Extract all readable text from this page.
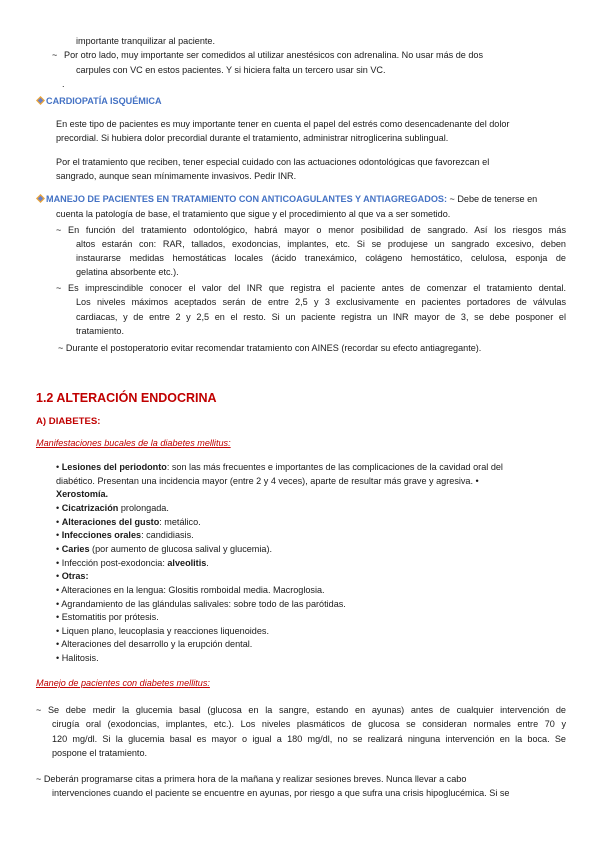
importante tranquilizar al paciente.
~ Por otro lado, muy importante ser comedidos al utilizar anestésicos con adrenalina. No usar más de dos
carpules con VC en estos pacientes. Y si hiciera falta un tercero usar sin VC.
.
CARDIOPATÍA ISQUÉMICA
En este tipo de pacientes es muy importante tener en cuenta el papel del estrés como desencadenante del dolor
precordial. Si hubiera dolor precordial durante el tratamiento, administrar nitroglicerina sublingual.
Por el tratamiento que reciben, tener especial cuidado con las actuaciones odontológicas que favorezcan el
sangrado, aunque sean mínimamente invasivos. Pedir INR.
MANEJO DE PACIENTES EN TRATAMIENTO CON ANTICOAGULANTES Y ANTIAGREGADOS: ~ Debe de tenerse en
cuenta la patología de base, el tratamiento que sigue y el procedimiento al que va a ser sometido.
~ En función del tratamiento odontológico, habrá mayor o menor posibilidad de sangrado. Así los riesgos más
altos estarán con: RAR, tallados, exodoncias, implantes, etc. Si se produjese un sangrado excesivo, deben
instaurarse medidas hemostáticas locales (ácido tranexámico, colágeno hemostático, celulosa, esponja de
gelatina absorbente etc.).
~ Es imprescindible conocer el valor del INR que registra el paciente antes de comenzar el tratamiento dental.
Los niveles máximos aceptados serán de entre 2,5 y 3 exclusivamente en pacientes portadores de válvulas
cardiacas, y de entre 2 y 2,5 en el resto. Si un paciente registra un INR mayor de 3, se debe posponer el
tratamiento.
~ Durante el postoperatorio evitar recomendar tratamiento con AINES (recordar su efecto antiagregante).
1.2 ALTERACIÓN ENDOCRINA
A) DIABETES:
Manifestaciones bucales de la diabetes mellitus:
• Lesiones del periodonto: son las más frecuentes e importantes de las complicaciones de la cavidad oral del
diabético. Presentan una incidencia mayor (entre 2 y 4 veces), aparte de resultar más grave y agresiva. •
Xerostomía.
• Cicatrización prolongada.
• Alteraciones del gusto: metálico.
• Infecciones orales: candidiasis.
• Caries (por aumento de glucosa salival y glucemia).
• Infección post-exodoncia: alveolitis.
• Otras:
• Alteraciones en la lengua: Glositis romboidal media. Macroglosia.
• Agrandamiento de las glándulas salivales: sobre todo de las parótidas.
• Estomatitis por prótesis.
• Liquen plano, leucoplasia y reacciones liquenoides.
• Alteraciones del desarrollo y la erupción dental.
• Halitosis.
Manejo de pacientes con diabetes mellitus:
~ Se debe medir la glucemia basal (glucosa en la sangre, estando en ayunas) antes de cualquier intervención de
cirugía oral (exodoncias, implantes, etc.). Los niveles plasmáticos de glucosa se consideran normales entre 70 y
120 mg/dl. Si la glucemia basal es mayor o igual a 180 mg/dl, no se realizará ninguna intervención en la boca. Se
pospone el tratamiento.
~ Deberán programarse citas a primera hora de la mañana y realizar sesiones breves. Nunca llevar a cabo
intervenciones cuando el paciente se encuentre en ayunas, por riesgo a que sufra una crisis hipoglucémica. Si se
